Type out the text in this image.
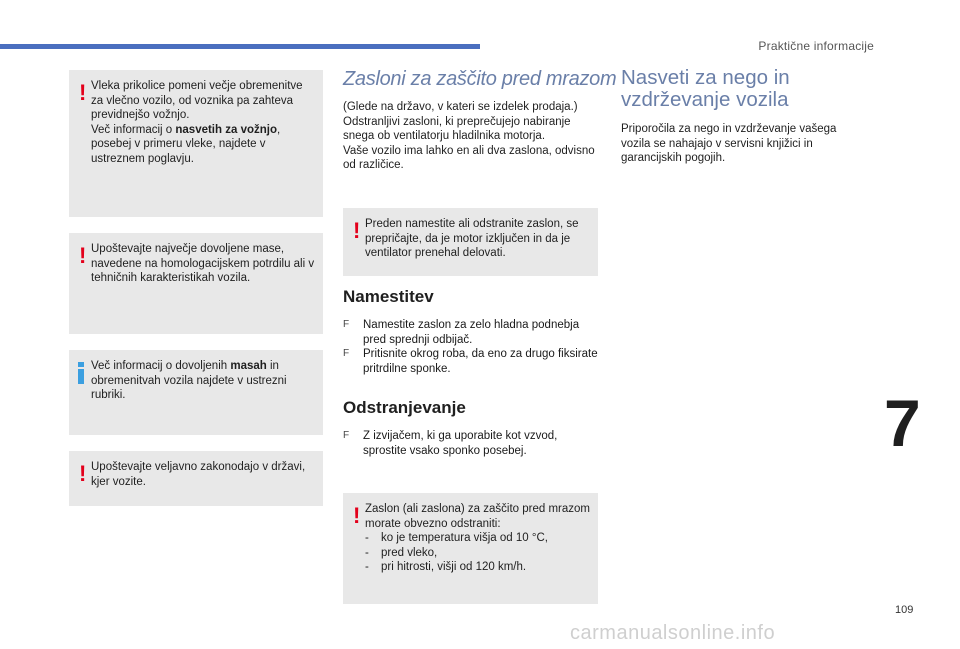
Praktične informacije
7
109
carmanualsonline.info
! Vleka prikolice pomeni večje obremenitve za vlečno vozilo, od voznika pa zahteva previdnejšo vožnjo.
Več informacij o nasvetih za vožnjo, posebej v primeru vleke, najdete v ustreznem poglavju.
! Upoštevajte največje dovoljene mase, navedene na homologacijskem potrdilu ali v tehničnih karakteristikah vozila.
Več informacij o dovoljenih masah in obremenitvah vozila najdete v ustrezni rubriki.
! Upoštevajte veljavno zakonodajo v državi, kjer vozite.
Zasloni za zaščito pred mrazom
(Glede na državo, v kateri se izdelek prodaja.)
Odstranljivi zasloni, ki preprečujejo nabiranje snega ob ventilatorju hladilnika motorja.
Vaše vozilo ima lahko en ali dva zaslona, odvisno od različice.
! Preden namestite ali odstranite zaslon, se prepričajte, da je motor izključen in da je ventilator prenehal delovati.
Namestitev
F Namestite zaslon za zelo hladna podnebja pred sprednji odbijač.
F Pritisnite okrog roba, da eno za drugo fiksirate pritrdilne sponke.
Odstranjevanje
F Z izvijačem, ki ga uporabite kot vzvod, sprostite vsako sponko posebej.
! Zaslon (ali zaslona) za zaščito pred mrazom morate obvezno odstraniti:
- ko je temperatura višja od 10 °C,
- pred vleko,
- pri hitrosti, višji od 120 km/h.
Nasveti za nego in vzdrževanje vozila
Priporočila za nego in vzdrževanje vašega vozila se nahajajo v servisni knjižici in garancijskih pogojih.
